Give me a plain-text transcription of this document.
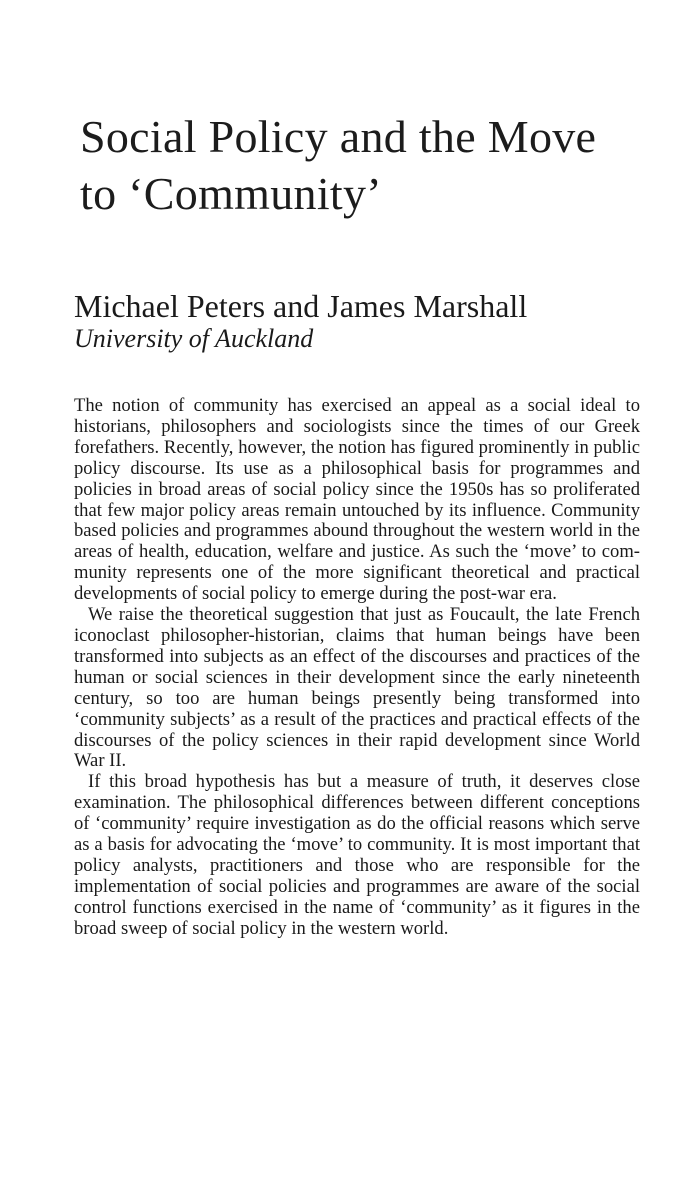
Social Policy and the Move
to ‘Community’
Michael Peters and James Marshall
University of Auckland

The notion of community has exercised an appeal as a social ideal to historians, philosophers and sociologists since the times of our Greek forefathers. Recently, however, the notion has figured prominently in public policy discourse. Its use as a philosophical basis for programmes and policies in broad areas of social policy since the 1950s has so proliferated that few major policy areas remain untouched by its influence. Community based policies and programmes abound throughout the western world in the areas of health, education, welfare and justice. As such the ‘move’ to community represents one of the more significant theoretical and practical developments of social policy to emerge during the post-war era.

We raise the theoretical suggestion that just as Foucault, the late French iconoclast philosopher-historian, claims that human beings have been transformed into subjects as an effect of the discourses and practices of the human or social sciences in their development since the early nineteenth century, so too are human beings presently being transformed into ‘community subjects’ as a result of the practices and practical effects of the discourses of the policy sciences in their rapid development since World War II.

If this broad hypothesis has but a measure of truth, it deserves close examination. The philosophical differences between different conceptions of ‘community’ require investigation as do the official reasons which serve as a basis for advocating the ‘move’ to community. It is most important that policy analysts, practitioners and those who are responsible for the implementation of social policies and programmes are aware of the social control functions exercised in the name of ‘community’ as it figures in the broad sweep of social policy in the western world.
